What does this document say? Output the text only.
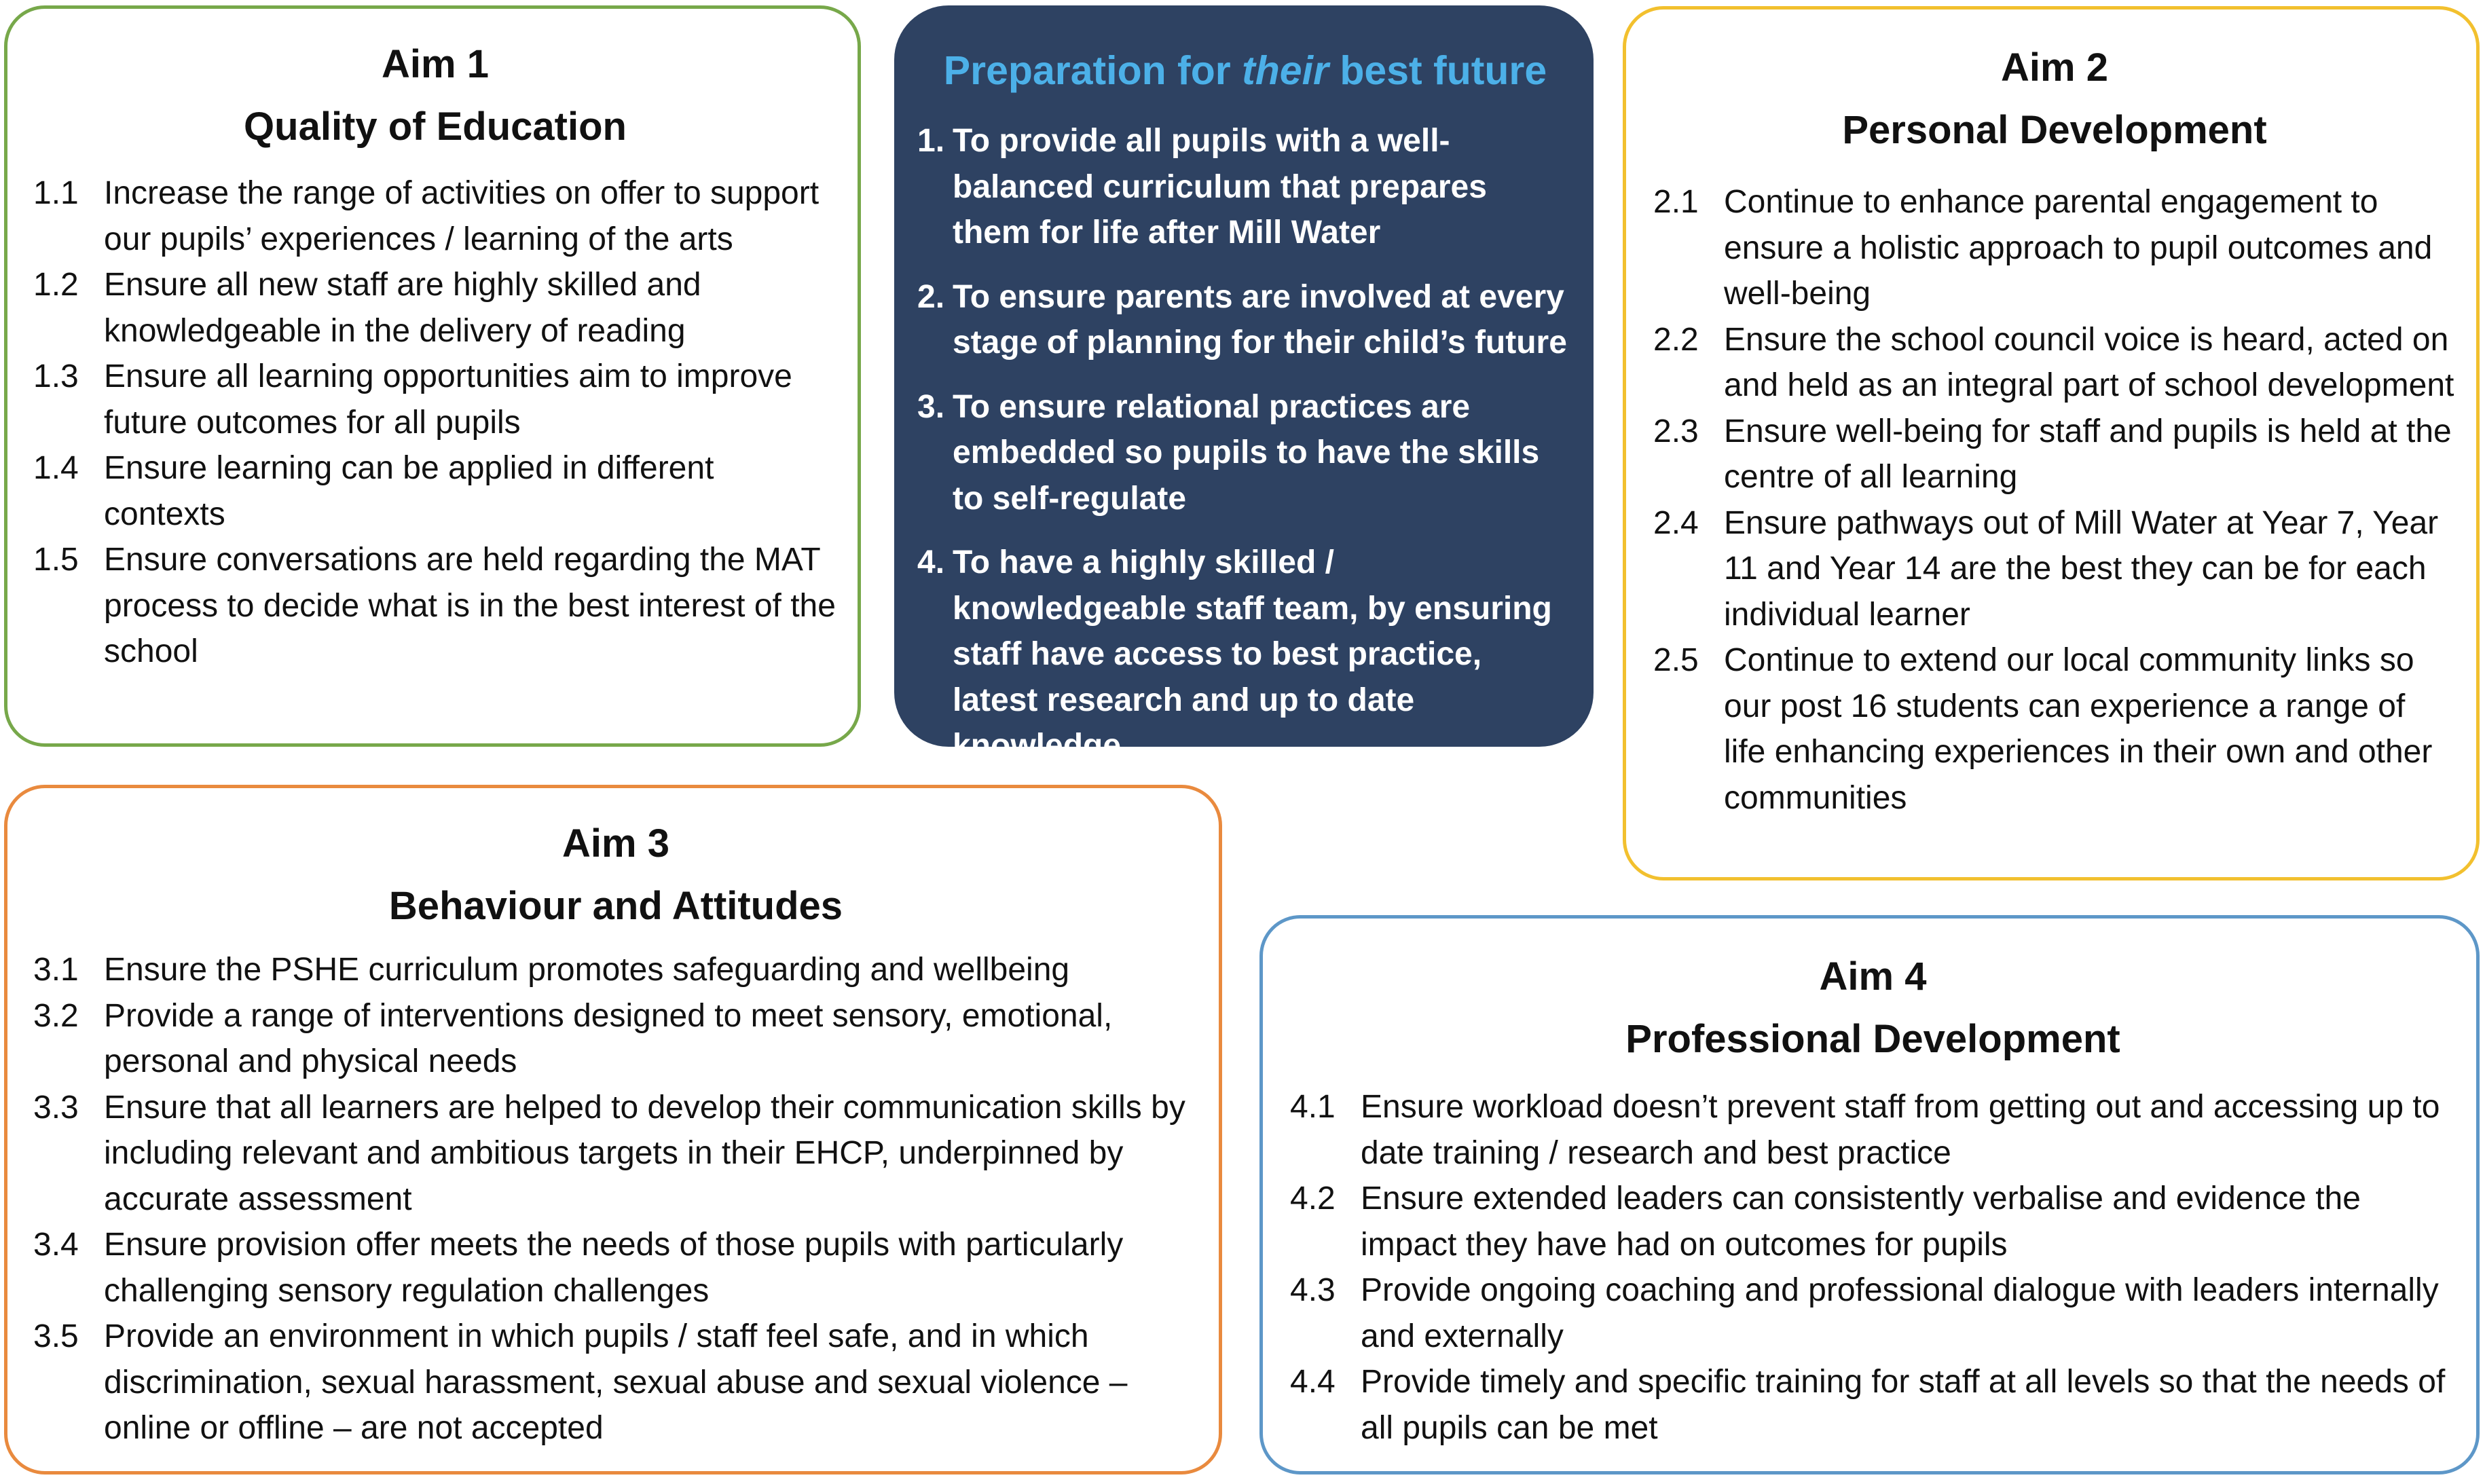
Aim 1
Quality of Education
1.1 Increase the range of activities on offer to support our pupils’ experiences / learning of the arts
1.2 Ensure all new staff are highly skilled and knowledgeable in the delivery of reading
1.3 Ensure all learning opportunities aim to improve future outcomes for all pupils
1.4 Ensure learning can be applied in different contexts
1.5 Ensure conversations are held regarding the MAT process to decide what is in the best interest of the school
Preparation for their best future
1. To provide all pupils with a well-balanced curriculum that prepares them for life after Mill Water
2. To ensure parents are involved at every stage of planning for their child’s future
3. To ensure relational practices are embedded so pupils to have the skills to self-regulate
4. To have a highly skilled / knowledgeable staff team, by ensuring staff have access to best practice, latest research and up to date knowledge
Aim 2
Personal Development
2.1 Continue to enhance parental engagement to ensure a holistic approach to pupil outcomes and well-being
2.2 Ensure the school council voice is heard, acted on and held as an integral part of school development
2.3 Ensure well-being for staff and pupils is held at the centre of all learning
2.4 Ensure pathways out of Mill Water at Year 7, Year 11 and Year 14 are the best they can be for each individual learner
2.5 Continue to extend our local community links so our post 16 students can experience a range of life enhancing experiences in their own and other communities
Aim 3
Behaviour and Attitudes
3.1 Ensure the PSHE curriculum promotes safeguarding and wellbeing
3.2 Provide a range of interventions designed to meet sensory, emotional, personal and physical needs
3.3 Ensure that all learners are helped to develop their communication skills by including relevant and ambitious targets in their EHCP, underpinned by accurate assessment
3.4 Ensure provision offer meets the needs of those pupils with particularly challenging sensory regulation challenges
3.5 Provide an environment in which pupils / staff feel safe, and in which discrimination, sexual harassment, sexual abuse and sexual violence – online or offline – are not accepted
Aim 4
Professional Development
4.1 Ensure workload doesn’t prevent staff from getting out and accessing up to date training / research and best practice
4.2 Ensure extended leaders can consistently verbalise and evidence the impact they have had on outcomes for pupils
4.3 Provide ongoing coaching and professional dialogue with leaders internally and externally
4.4 Provide timely and specific training for staff at all levels so that the needs of all pupils can be met
